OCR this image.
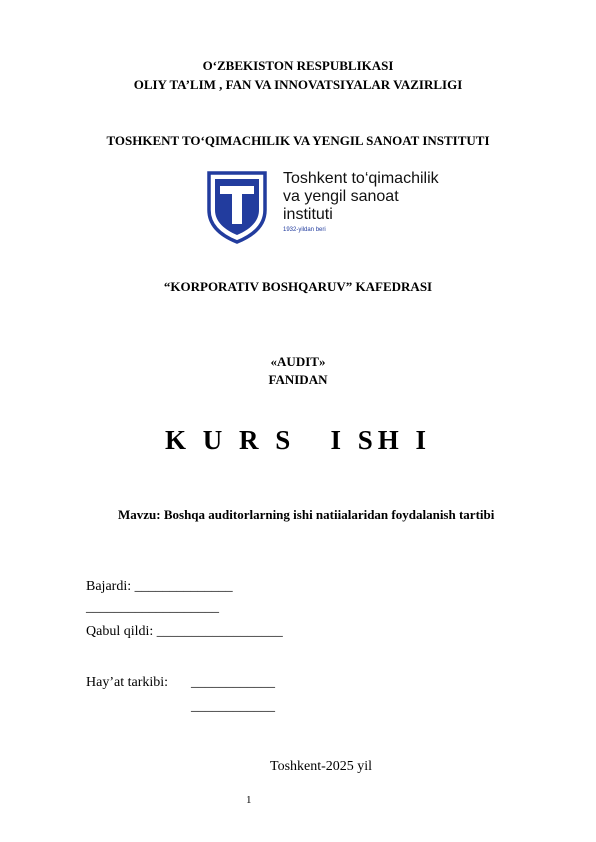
O‘ZBEKISTON RESPUBLIKASI
OLIY TA’LIM , FAN VA INNOVATSIYALAR VAZIRLIGI
TOSHKENT TO‘QIMACHILIK VA YENGIL SANOAT INSTITUTI
Toshkent to‘qimachilik
va yengil sanoat
instituti
1932-yildan beri
“KORPORATIV BOSHQARUV” KAFEDRASI
«AUDIT»
FANIDAN
K U R S   I SH I
Mavzu: Boshqa auditorlarning ishi natiialaridan foydalanish tartibi
Bajardi: ______________
___________________
Qabul qildi: __________________
Hay’at tarkibi: ____________
____________
Toshkent-2025 yil
1
